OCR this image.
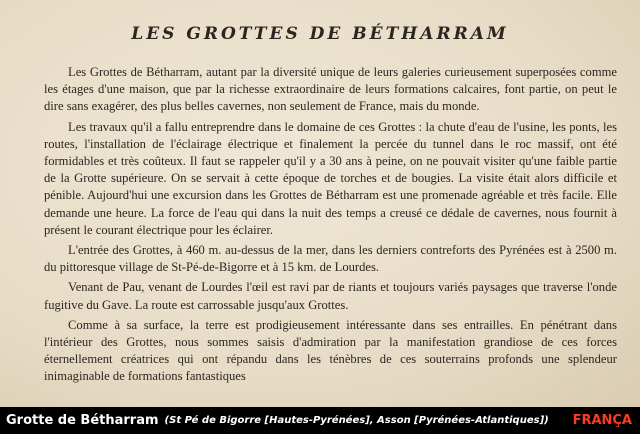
LES GROTTES DE BÉTHARRAM

Les Grottes de Bétharram, autant par la diversité unique de leurs galeries curieusement superposées comme les étages d'une maison, que par la richesse extraordinaire de leurs formations calcaires, font partie, on peut le dire sans exagérer, des plus belles cavernes, non seulement de France, mais du monde.

Les travaux qu'il a fallu entreprendre dans le domaine de ces Grottes : la chute d'eau de l'usine, les ponts, les routes, l'installation de l'éclairage électrique et finalement la percée du tunnel dans le roc massif, ont été formidables et très coûteux. Il faut se rappeler qu'il y a 30 ans à peine, on ne pouvait visiter qu'une faible partie de la Grotte supérieure. On se servait à cette époque de torches et de bougies. La visite était alors difficile et pénible. Aujourd'hui une excursion dans les Grottes de Bétharram est une promenade agréable et très facile. Elle demande une heure. La force de l'eau qui dans la nuit des temps a creusé ce dédale de cavernes, nous fournit à présent le courant électrique pour les éclairer.

L'entrée des Grottes, à 460 m. au-dessus de la mer, dans les derniers contreforts des Pyrénées est à 2500 m. du pittoresque village de St-Pé-de-Bigorre et à 15 km. de Lourdes.

Venant de Pau, venant de Lourdes l'œil est ravi par de riants et toujours variés paysages que traverse l'onde fugitive du Gave. La route est carrossable jusqu'aux Grottes.

Comme à sa surface, la terre est prodigieusement intéressante dans ses entrailles. En pénétrant dans l'intérieur des Grottes, nous sommes saisis d'admiration par la manifestation grandiose de ces forces éternellement créatrices qui ont répandu dans les ténèbres de ces souterrains profonds une splendeur inimaginable de formations fantastiques

Grotte de Bétharram (St Pé de Bigorre [Hautes-Pyrénées], Asson [Pyrénées-Atlantiques]) FRANÇA
